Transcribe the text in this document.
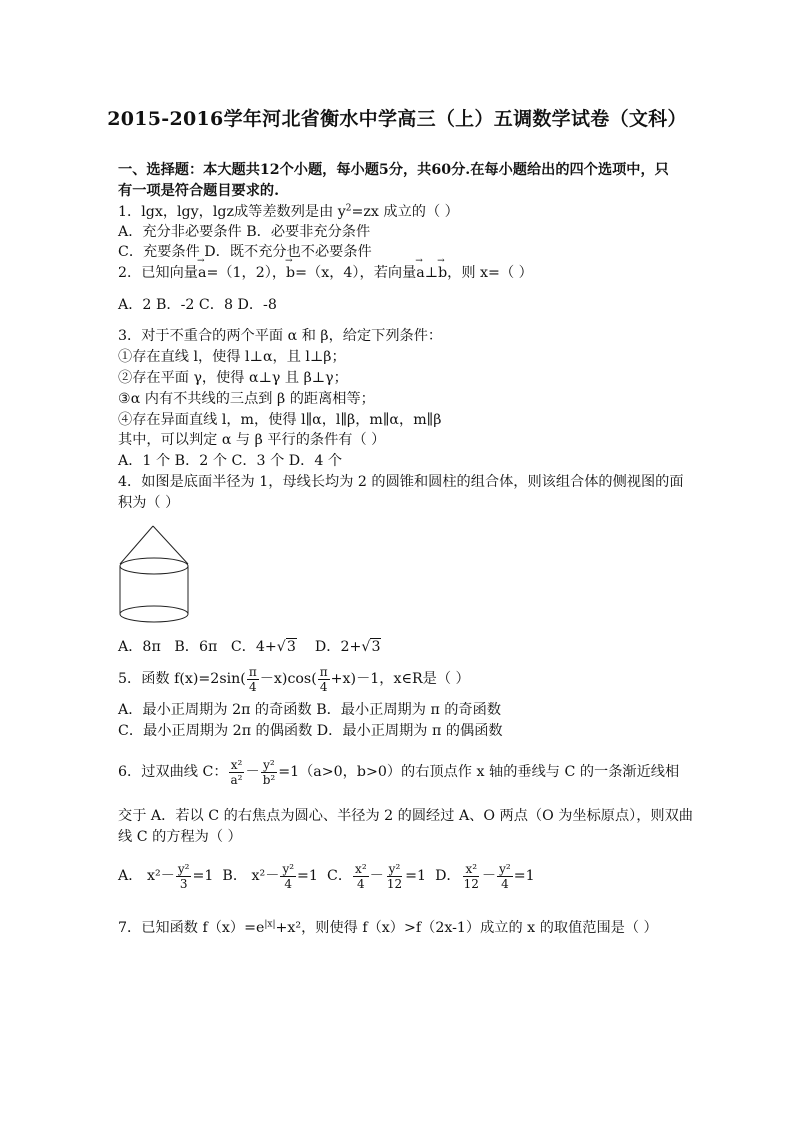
2015-2016学年河北省衡水中学高三（上）五调数学试卷（文科）
一、选择题：本大题共12个小题，每小题5分，共60分.在每小题给出的四个选项中，只
有一项是符合题目要求的.
1．lgx，lgy，lgz成等差数列是由 $y^2=zx$ 成立的（ ）
A．充分非必要条件 B．必要非充分条件
C．充要条件 D．既不充分也不必要条件
2．已知向量→ a=（1，2），→ b=（x，4），若向量→ a⊥→ b，则 x=（ ）
A．2 B．-2 C．8 D．-8
3．对于不重合的两个平面 α 和 β，给定下列条件：
①存在直线 l，使得 l⊥α，且 l⊥β；
②存在平面 γ，使得 α⊥γ 且 β⊥γ；
③α 内有不共线的三点到 β 的距离相等；
④存在异面直线 l，m，使得 l∥α，l∥β，m∥α，m∥β
其中，可以判定 α 与 β 平行的条件有（ ）
A．1 个 B．2 个 C．3 个 D．4 个
4．如图是底面半径为 1，母线长均为 2 的圆锥和圆柱的组合体，则该组合体的侧视图的面
积为（ ）
A．8π B．6π C．4+√3 D．2+√3
5．函数 $f(x)=2\sin( \frac{\pi}{4} -x)\cos( \frac{\pi}{4} +x)-1$，x∈R是（ ）
A．最小正周期为 2π 的奇函数 B．最小正周期为 π 的奇函数
C．最小正周期为 2π 的偶函数 D．最小正周期为 π 的偶函数
6．过双曲线 C： $\frac{\text{x²}}{\text{a²}} - \frac{\text{y²}}{\text{b²}} =1(a>0$，b>0）的右顶点作 x 轴的垂线与 C 的一条渐近线相
交于 A．若以 C 的右焦点为圆心、半径为 2 的圆经过 A、O 两点（O 为坐标原点），则双曲
线 C 的方程为（ ）
A． $x^2- \frac{\text{y²}}{3} =1$ B． $x^2- \frac{\text{y²}}{4} =1$ C． $\frac{\text{x²}}{4} - \frac{\text{y²}}{12} =1$ D． $\frac{\text{x²}}{12} - \frac{\text{y²}}{4} =1$
7．已知函数 $f(x)=e^{|x|}+x^2$，则使得 f（x）>f（2x-1）成立的 x 的取值范围是（ ）
